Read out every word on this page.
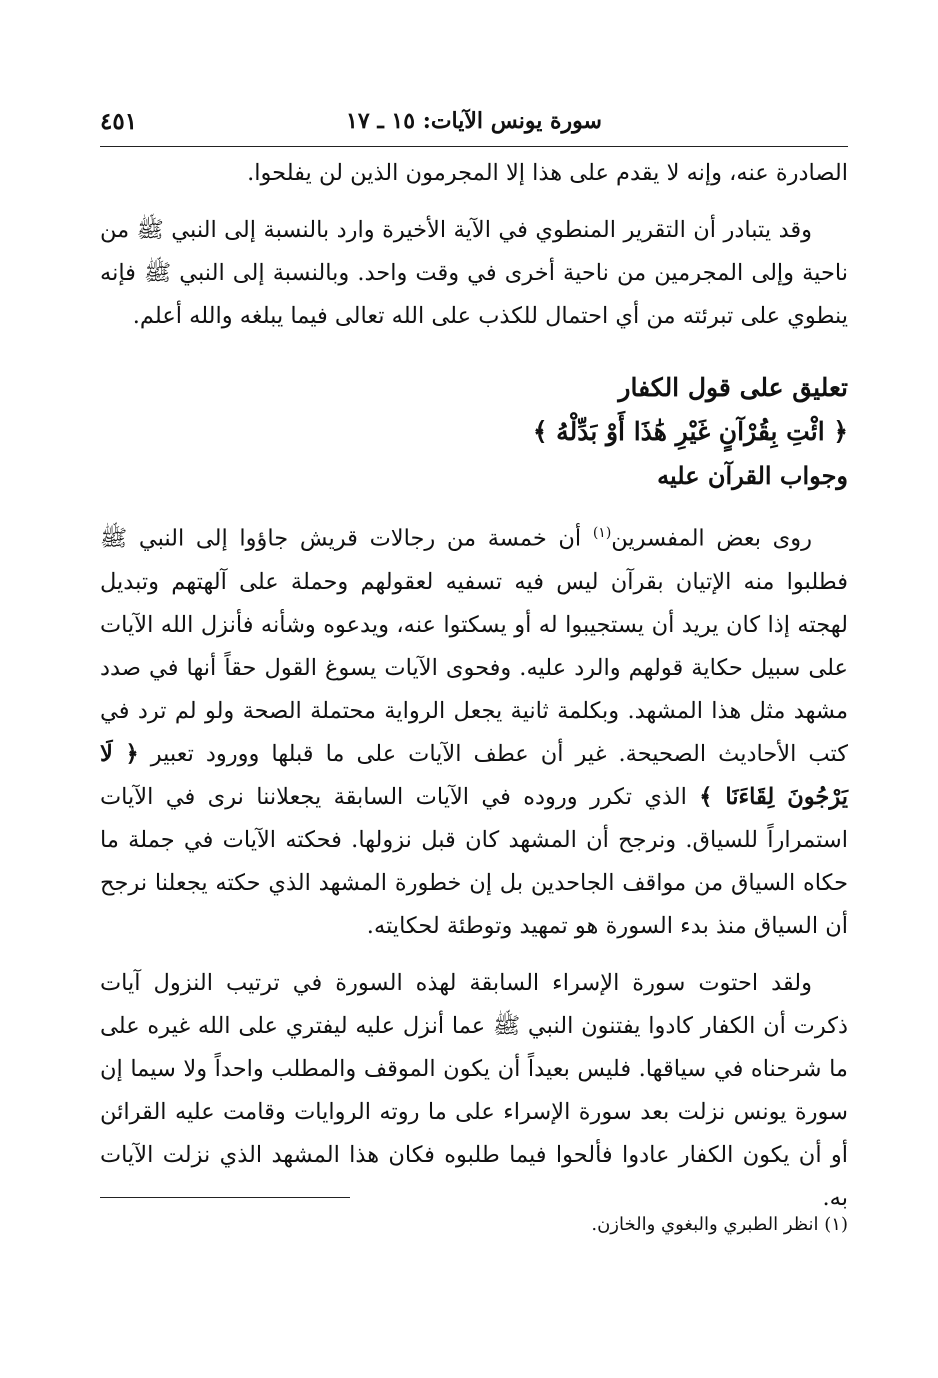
سورة يونس الآيات: ١٥ ـ ١٧
٤٥١

الصادرة عنه، وإنه لا يقدم على هذا إلا المجرمون الذين لن يفلحوا.

وقد يتبادر أن التقرير المنطوي في الآية الأخيرة وارد بالنسبة إلى النبي ﷺ من ناحية وإلى المجرمين من ناحية أخرى في وقت واحد. وبالنسبة إلى النبي ﷺ فإنه ينطوي على تبرئته من أي احتمال للكذب على الله تعالى فيما يبلغه والله أعلم.

تعليق على قول الكفار
﴿ ائْتِ بِقُرْآنٍ غَيْرِ هَٰذَا أَوْ بَدِّلْهُ ﴾
وجواب القرآن عليه

روى بعض المفسرين$^{(١)}$ أن خمسة من رجالات قريش جاؤوا إلى النبي ﷺ فطلبوا منه الإتيان بقرآن ليس فيه تسفيه لعقولهم وحملة على آلهتهم وتبديل لهجته إذا كان يريد أن يستجيبوا له أو يسكتوا عنه، ويدعوه وشأنه فأنزل الله الآيات على سبيل حكاية قولهم والرد عليه. وفحوى الآيات يسوغ القول حقاً أنها في صدد مشهد مثل هذا المشهد. وبكلمة ثانية يجعل الرواية محتملة الصحة ولو لم ترد في كتب الأحاديث الصحيحة. غير أن عطف الآيات على ما قبلها وورود تعبير ﴿ لَا يَرْجُونَ لِقَاءَنَا ﴾ الذي تكرر وروده في الآيات السابقة يجعلاننا نرى في الآيات استمراراً للسياق. ونرجح أن المشهد كان قبل نزولها. فحكته الآيات في جملة ما حكاه السياق من مواقف الجاحدين بل إن خطورة المشهد الذي حكته يجعلنا نرجح أن السياق منذ بدء السورة هو تمهيد وتوطئة لحكايته.

ولقد احتوت سورة الإسراء السابقة لهذه السورة في ترتيب النزول آيات ذكرت أن الكفار كادوا يفتنون النبي ﷺ عما أنزل عليه ليفتري على الله غيره على ما شرحناه في سياقها. فليس بعيداً أن يكون الموقف والمطلب واحداً ولا سيما إن سورة يونس نزلت بعد سورة الإسراء على ما روته الروايات وقامت عليه القرائن أو أن يكون الكفار عادوا فألحوا فيما طلبوه فكان هذا المشهد الذي نزلت الآيات به.

(١) انظر الطبري والبغوي والخازن.
